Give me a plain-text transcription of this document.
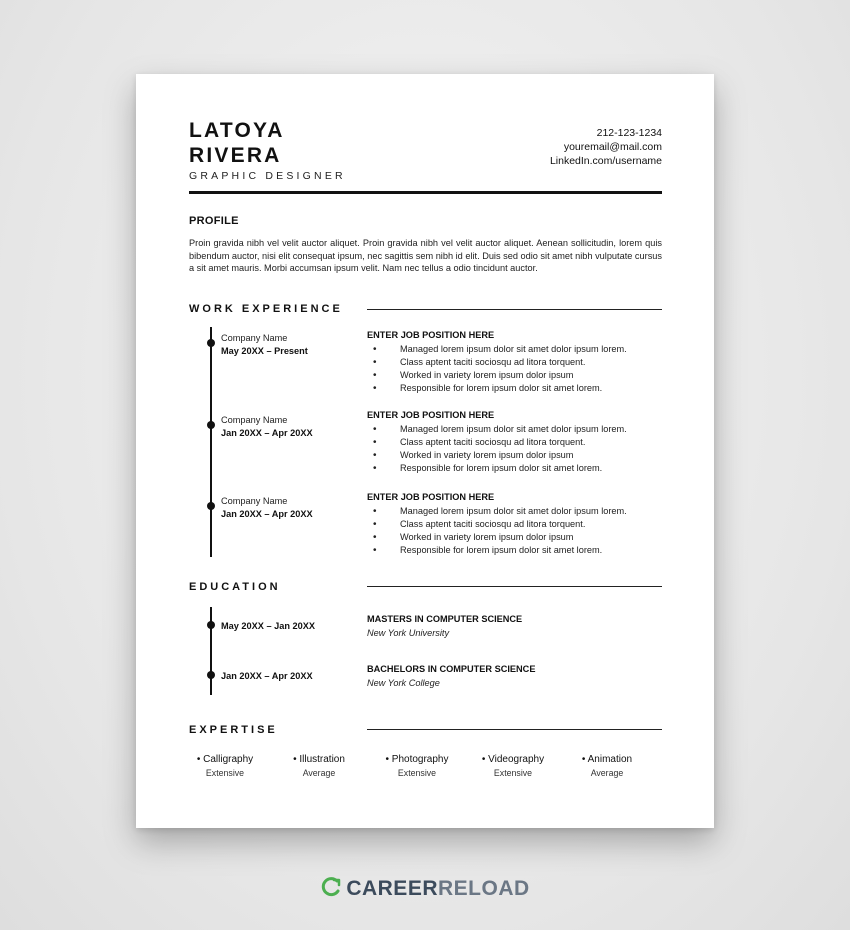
LATOYA
RIVERA
GRAPHIC DESIGNER
212-123-1234
youremail@mail.com
LinkedIn.com/username
PROFILE
Proin gravida nibh vel velit auctor aliquet. Proin gravida nibh vel velit auctor aliquet. Aenean sollicitudin, lorem quis bibendum auctor, nisi elit consequat ipsum, nec sagittis sem nibh id elit. Duis sed odio sit amet nibh vulputate cursus a sit amet mauris. Morbi accumsan ipsum velit. Nam nec tellus a odio tincidunt auctor.
WORK EXPERIENCE
Company Name
May 20XX – Present
ENTER JOB POSITION HERE
• Managed lorem ipsum dolor sit amet dolor ipsum lorem.
• Class aptent taciti sociosqu ad litora torquent.
• Worked in variety lorem ipsum dolor ipsum
• Responsible for lorem ipsum dolor sit amet lorem.
Company Name
Jan 20XX – Apr 20XX
ENTER JOB POSITION HERE
• Managed lorem ipsum dolor sit amet dolor ipsum lorem.
• Class aptent taciti sociosqu ad litora torquent.
• Worked in variety lorem ipsum dolor ipsum
• Responsible for lorem ipsum dolor sit amet lorem.
Company Name
Jan 20XX – Apr 20XX
ENTER JOB POSITION HERE
• Managed lorem ipsum dolor sit amet dolor ipsum lorem.
• Class aptent taciti sociosqu ad litora torquent.
• Worked in variety lorem ipsum dolor ipsum
• Responsible for lorem ipsum dolor sit amet lorem.
EDUCATION
May 20XX – Jan 20XX
MASTERS IN COMPUTER SCIENCE
New York University
Jan 20XX – Apr 20XX
BACHELORS IN COMPUTER SCIENCE
New York College
EXPERTISE
• Calligraphy
Extensive
• Illustration
Average
• Photography
Extensive
• Videography
Extensive
• Animation
Average
CAREERRELOAD
